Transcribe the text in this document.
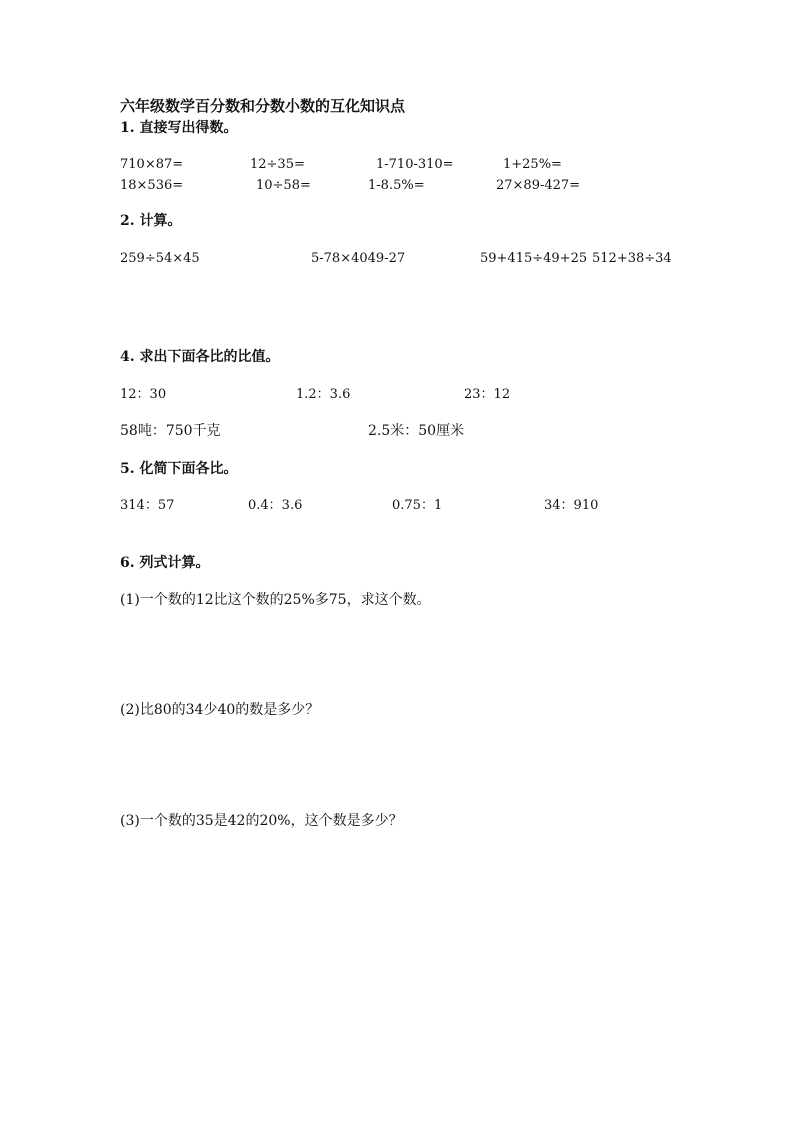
六年级数学百分数和分数小数的互化知识点
1. 直接写出得数。
710×87=	12÷35=	1-710-310=	1+25%=
18×536=	10÷58=	1-8.5%=	27×89-427=
2. 计算。
259÷54×45	5-78×4049-27	59+415÷49+25 512+38÷34
4. 求出下面各比的比值。
12：30	1.2：3.6	23：12
58吨：750千克	2.5米：50厘米
5. 化简下面各比。
314：57	0.4：3.6	0.75：1	34：910
6. 列式计算。
(1)一个数的12比这个数的25%多75，求这个数。
(2)比80的34少40的数是多少？
(3)一个数的35是42的20%，这个数是多少？
